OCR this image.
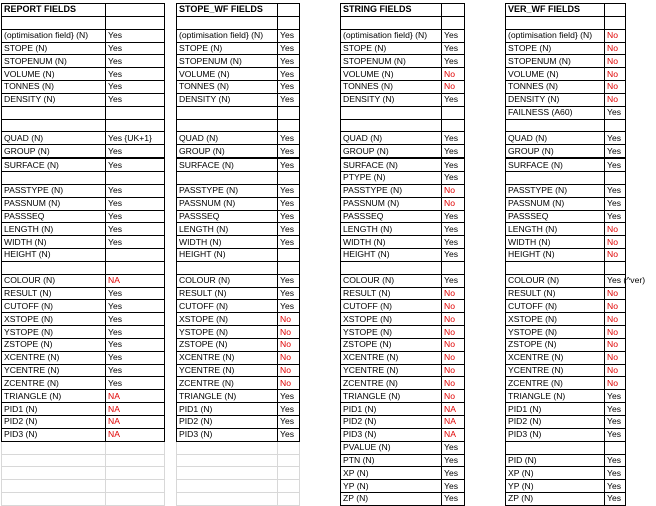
REPORT FIELDS	

(optimisation field} (N)	Yes
STOPE (N)	Yes
STOPENUM (N)	Yes
VOLUME (N)	Yes
TONNES (N)	Yes
DENSITY (N)	Yes

QUAD (N)	Yes {UK+1}
GROUP (N)	Yes
SURFACE (N)	Yes

PASSTYPE (N)	Yes
PASSNUM (N)	Yes
PASSSEQ	Yes
LENGTH (N)	Yes
WIDTH (N)	Yes
HEIGHT (N)	

COLOUR (N)	NA
RESULT (N)	Yes
CUTOFF (N)	Yes
XSTOPE (N)	Yes
YSTOPE (N)	Yes
ZSTOPE (N)	Yes
XCENTRE (N)	Yes
YCENTRE (N)	Yes
ZCENTRE (N)	Yes
TRIANGLE (N)	NA
PID1 (N)	NA
PID2 (N)	NA
PID3 (N)	NA

STOPE_WF FIELDS	

(optimisation field} (N)	Yes
STOPE (N)	Yes
STOPENUM (N)	Yes
VOLUME (N)	Yes
TONNES (N)	Yes
DENSITY (N)	Yes

QUAD (N)	Yes
GROUP (N)	Yes
SURFACE (N)	Yes

PASSTYPE (N)	Yes
PASSNUM (N)	Yes
PASSSEQ	Yes
LENGTH (N)	Yes
WIDTH (N)	Yes
HEIGHT (N)	

COLOUR (N)	Yes
RESULT (N)	Yes
CUTOFF (N)	Yes
XSTOPE (N)	No
YSTOPE (N)	No
ZSTOPE (N)	No
XCENTRE (N)	No
YCENTRE (N)	No
ZCENTRE (N)	No
TRIANGLE (N)	Yes
PID1 (N)	Yes
PID2 (N)	Yes
PID3 (N)	Yes

STRING FIELDS	

(optimisation field} (N)	Yes
STOPE (N)	Yes
STOPENUM (N)	Yes
VOLUME (N)	No
TONNES (N)	No
DENSITY (N)	Yes

QUAD (N)	Yes
GROUP (N)	Yes
SURFACE (N)	Yes
PTYPE (N)	Yes
PASSTYPE (N)	No
PASSNUM (N)	No
PASSSEQ	Yes
LENGTH (N)	Yes
WIDTH (N)	Yes
HEIGHT (N)	Yes

COLOUR (N)	Yes
RESULT (N)	No
CUTOFF (N)	No
XSTOPE (N)	No
YSTOPE (N)	No
ZSTOPE (N)	No
XCENTRE (N)	No
YCENTRE (N)	No
ZCENTRE (N)	No
TRIANGLE (N)	No
PID1 (N)	NA
PID2 (N)	NA
PID3 (N)	NA
PVALUE (N)	Yes
PTN (N)	Yes
XP (N)	Yes
YP (N)	Yes
ZP (N)	Yes
VER_WF FIELDS	

(optimisation field} (N)	No
STOPE (N)	No
STOPENUM (N)	No
VOLUME (N)	No
TONNES (N)	No
DENSITY (N)	No
FAILNESS (A60)	Yes

QUAD (N)	Yes
GROUP (N)	Yes
SURFACE (N)	Yes

PASSTYPE (N)	Yes
PASSNUM (N)	Yes
PASSSEQ	Yes
LENGTH (N)	No
WIDTH (N)	No
HEIGHT (N)	No

COLOUR (N)	Yes (^ver)
RESULT (N)	No
CUTOFF (N)	No
XSTOPE (N)	No
YSTOPE (N)	No
ZSTOPE (N)	No
XCENTRE (N)	No
YCENTRE (N)	No
ZCENTRE (N)	No
TRIANGLE (N)	Yes
PID1 (N)	Yes
PID2 (N)	Yes
PID3 (N)	Yes

PID (N)	Yes
XP (N)	Yes
YP (N)	Yes
ZP (N)	Yes
